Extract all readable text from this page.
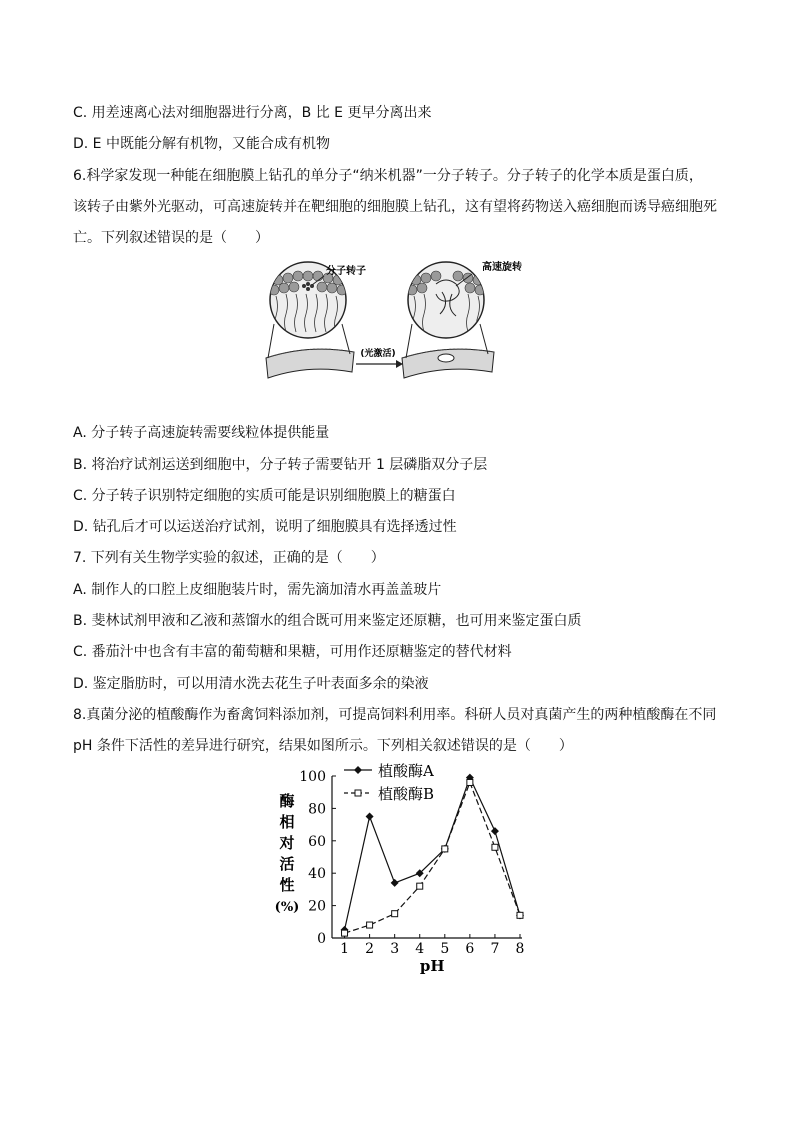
C. 用差速离心法对细胞器进行分离，B 比 E 更早分离出来
D. E 中既能分解有机物，又能合成有机物
6.科学家发现一种能在细胞膜上钻孔的单分子“纳米机器”一分子转子。分子转子的化学本质是蛋白质，
该转子由紫外光驱动，可高速旋转并在靶细胞的细胞膜上钻孔，这有望将药物送入癌细胞而诱导癌细胞死
亡。下列叙述错误的是（　　）
分子转子	高速旋转
(光激活)
A. 分子转子高速旋转需要线粒体提供能量
B. 将治疗试剂运送到细胞中，分子转子需要钻开 1 层磷脂双分子层
C. 分子转子识别特定细胞的实质可能是识别细胞膜上的糖蛋白
D. 钻孔后才可以运送治疗试剂，说明了细胞膜具有选择透过性
7. 下列有关生物学实验的叙述，正确的是（　　）
A. 制作人的口腔上皮细胞装片时，需先滴加清水再盖盖玻片
B. 斐林试剂甲液和乙液和蒸馏水的组合既可用来鉴定还原糖，也可用来鉴定蛋白质
C. 番茄汁中也含有丰富的葡萄糖和果糖，可用作还原糖鉴定的替代材料
D. 鉴定脂肪时，可以用清水洗去花生子叶表面多余的染液
8.真菌分泌的植酸酶作为畜禽饲料添加剂，可提高饲料利用率。科研人员对真菌产生的两种植酸酶在不同
pH 条件下活性的差异进行研究，结果如图所示。下列相关叙述错误的是（　　）
0
20
40
60
80
100
1 2 3 4 5 6 7 8
pH
酶
相
对
活
性
(%)
植酸酶A
植酸酶B
